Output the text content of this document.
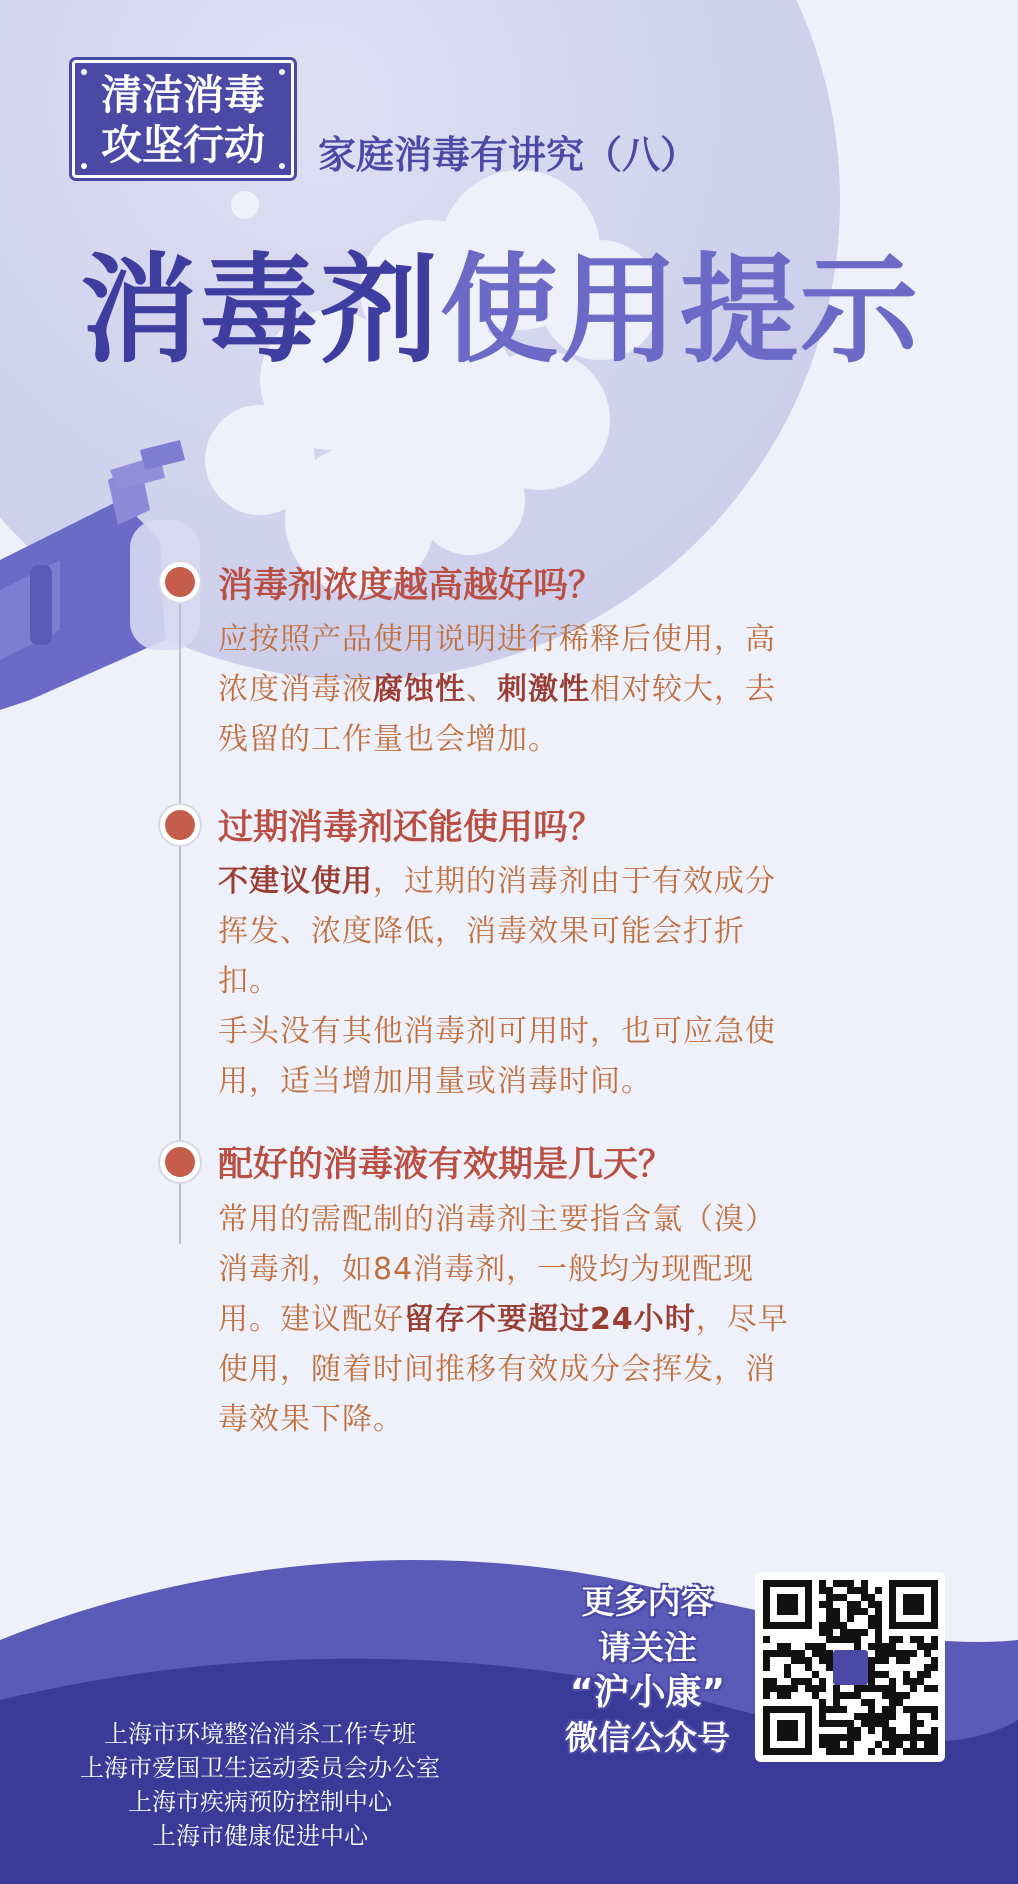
清洁消毒
攻坚行动	家庭消毒有讲究（八）
消毒剂使用提示
消毒剂浓度越高越好吗？
应按照产品使用说明进行稀释后使用，高
浓度消毒液腐蚀性、刺激性相对较大，去
残留的工作量也会增加。
过期消毒剂还能使用吗？
不建议使用，过期的消毒剂由于有效成分
挥发、浓度降低，消毒效果可能会打折
扣。
手头没有其他消毒剂可用时，也可应急使
用，适当增加用量或消毒时间。
配好的消毒液有效期是几天？
常用的需配制的消毒剂主要指含氯（溴）
消毒剂，如84消毒剂，一般均为现配现
用。建议配好留存不要超过24小时，尽早
使用，随着时间推移有效成分会挥发，消
毒效果下降。
更多内容
请关注
“沪小康”
微信公众号
上海市环境整治消杀工作专班
上海市爱国卫生运动委员会办公室
上海市疾病预防控制中心
上海市健康促进中心
